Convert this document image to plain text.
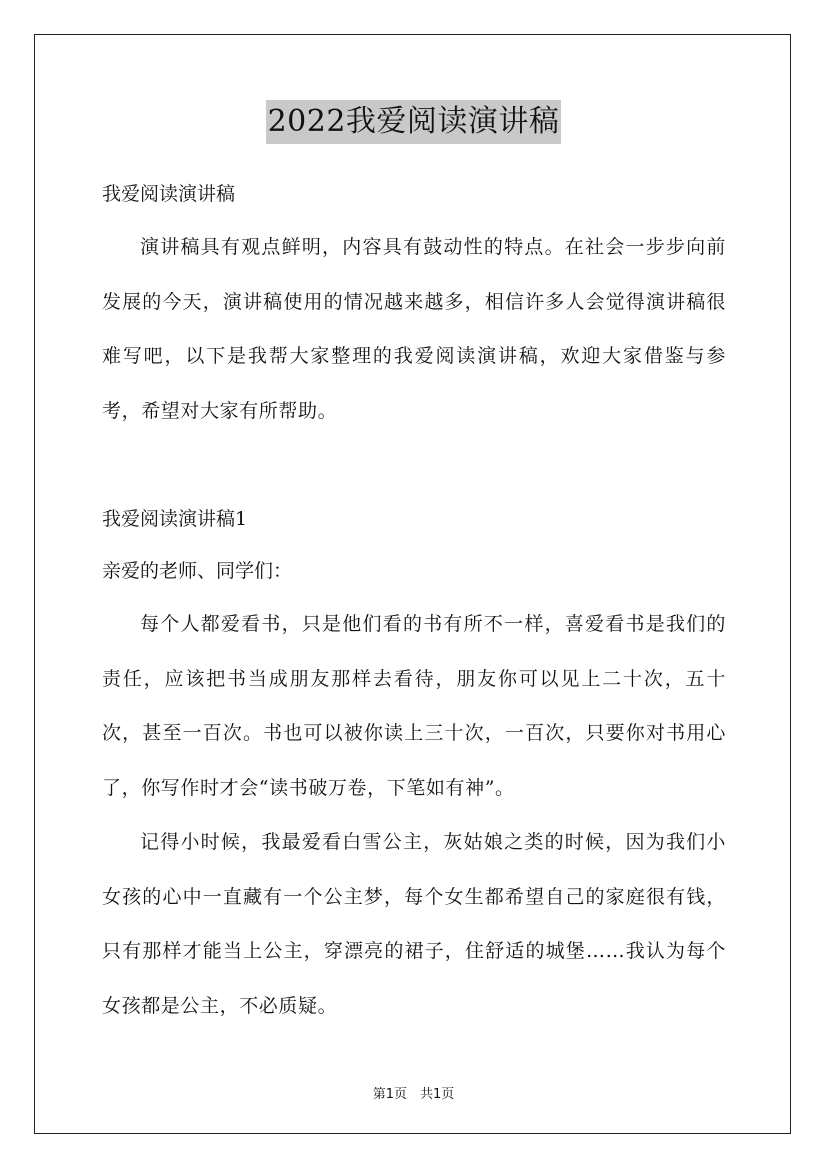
2022我爱阅读演讲稿

我爱阅读演讲稿

演讲稿具有观点鲜明，内容具有鼓动性的特点。在社会一步步向前发展的今天，演讲稿使用的情况越来越多，相信许多人会觉得演讲稿很难写吧，以下是我帮大家整理的我爱阅读演讲稿，欢迎大家借鉴与参考，希望对大家有所帮助。

我爱阅读演讲稿1

亲爱的老师、同学们：

每个人都爱看书，只是他们看的书有所不一样，喜爱看书是我们的责任，应该把书当成朋友那样去看待，朋友你可以见上二十次，五十次，甚至一百次。书也可以被你读上三十次，一百次，只要你对书用心了，你写作时才会“读书破万卷，下笔如有神”。

记得小时候，我最爱看白雪公主，灰姑娘之类的时候，因为我们小女孩的心中一直藏有一个公主梦，每个女生都希望自己的家庭很有钱，只有那样才能当上公主，穿漂亮的裙子，住舒适的城堡……我认为每个女孩都是公主，不必质疑。

第1页　共1页
